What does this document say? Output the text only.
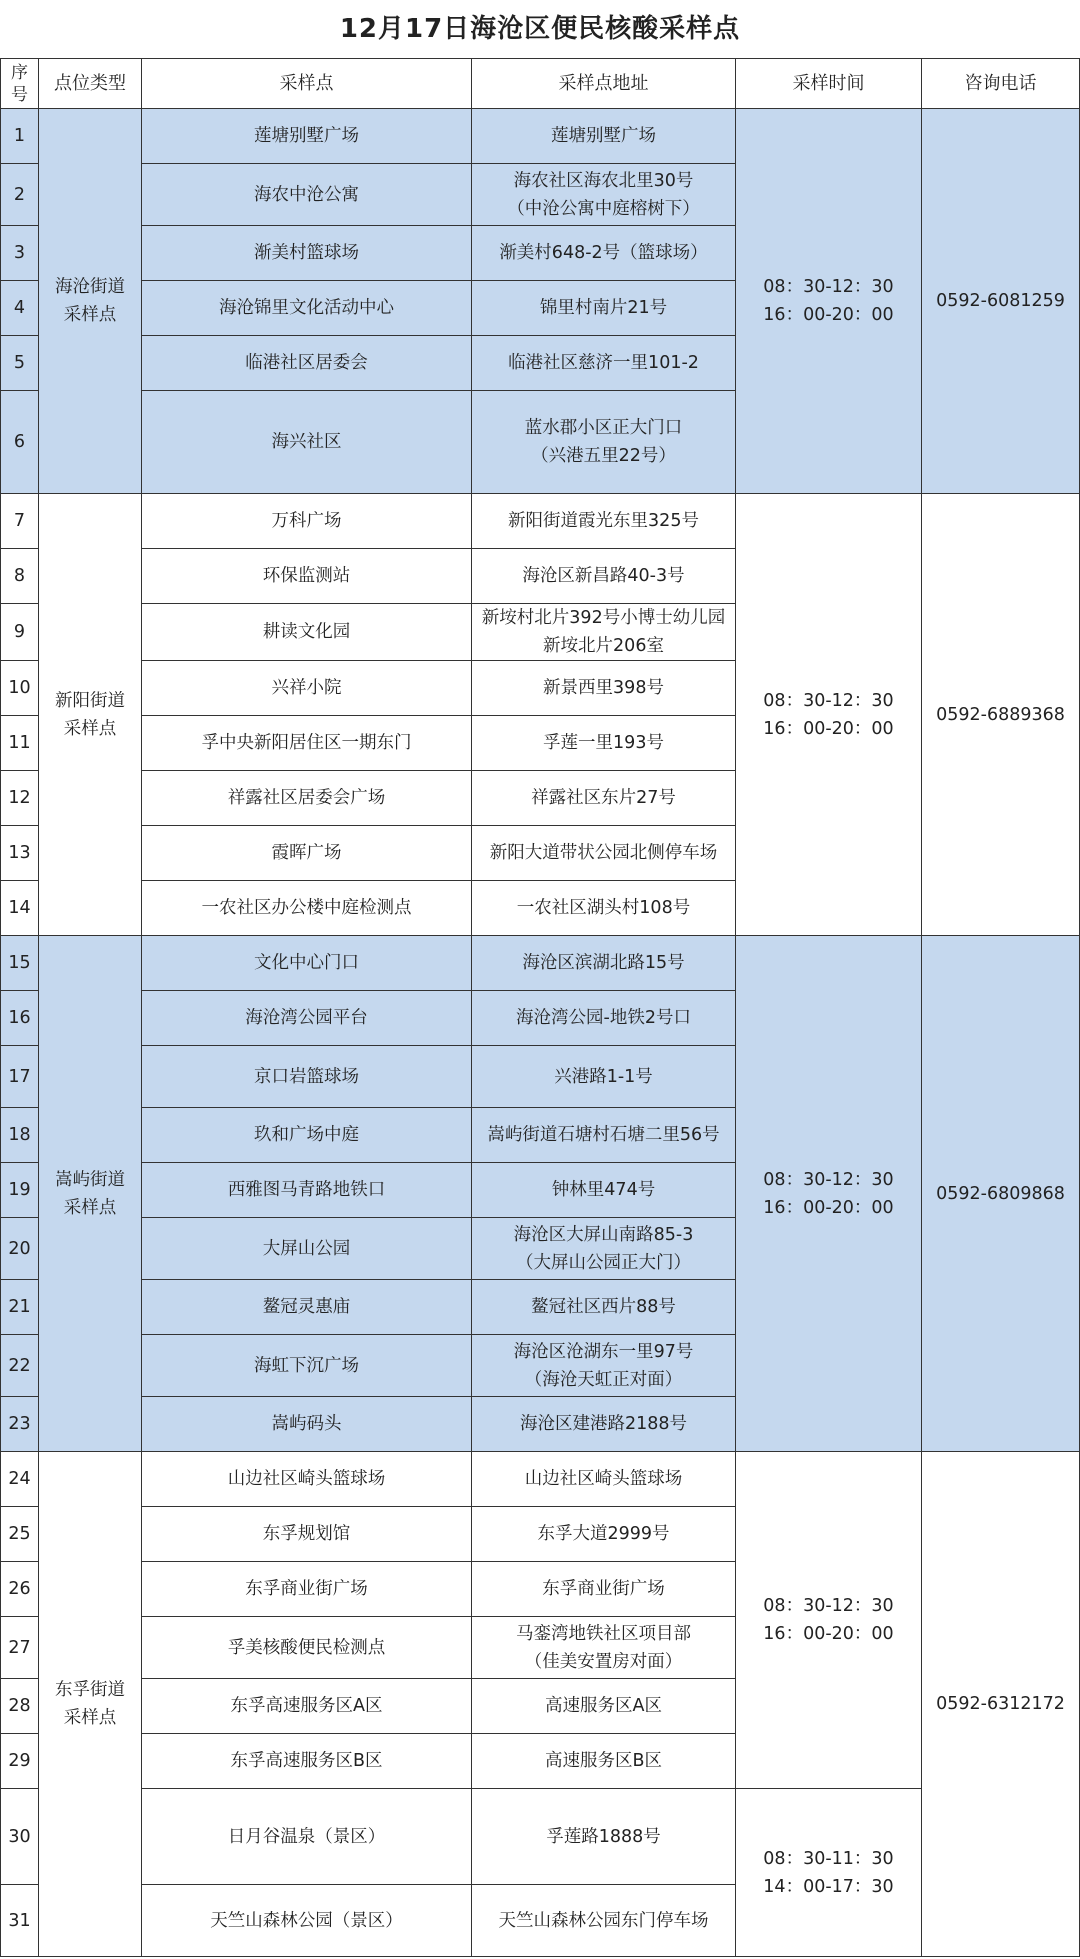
12月17日海沧区便民核酸采样点
序号	点位类型	采样点	采样点地址	采样时间	咨询电话
1	海沧街道采样点	莲塘别墅广场	莲塘别墅广场	08：30-12：30
16：00-20：00	0592-6081259
2		海农中沧公寓	海农社区海农北里30号
（中沧公寓中庭榕树下）		
3		渐美村篮球场	渐美村648-2号（篮球场）		
4		海沧锦里文化活动中心	锦里村南片21号		
5		临港社区居委会	临港社区慈济一里101-2		
6		海兴社区	蓝水郡小区正大门口
（兴港五里22号）		
7	新阳街道采样点	万科广场	新阳街道霞光东里325号	08：30-12：30
16：00-20：00	0592-6889368
8		环保监测站	海沧区新昌路40-3号		
9		耕读文化园	新垵村北片392号小博士幼儿园
新垵北片206室		
10		兴祥小院	新景西里398号		
11		孚中央新阳居住区一期东门	孚莲一里193号		
12		祥露社区居委会广场	祥露社区东片27号		
13		霞晖广场	新阳大道带状公园北侧停车场		
14		一农社区办公楼中庭检测点	一农社区湖头村108号		
15	嵩屿街道采样点	文化中心门口	海沧区滨湖北路15号	08：30-12：30
16：00-20：00	0592-6809868
16		海沧湾公园平台	海沧湾公园-地铁2号口		
17		京口岩篮球场	兴港路1-1号		
18		玖和广场中庭	嵩屿街道石塘村石塘二里56号		
19		西雅图马青路地铁口	钟林里474号		
20		大屏山公园	海沧区大屏山南路85-3
（大屏山公园正大门）		
21		鳌冠灵惠庙	鳌冠社区西片88号		
22		海虹下沉广场	海沧区沧湖东一里97号
（海沧天虹正对面）		
23		嵩屿码头	海沧区建港路2188号		
24	东孚街道采样点	山边社区崎头篮球场	山边社区崎头篮球场	08：30-12：30
16：00-20：00	0592-6312172
25		东孚规划馆	东孚大道2999号		
26		东孚商业街广场	东孚商业街广场		
27		孚美核酸便民检测点	马銮湾地铁社区项目部
（佳美安置房对面）		
28		东孚高速服务区A区	高速服务区A区		
29		东孚高速服务区B区	高速服务区B区		
30		日月谷温泉（景区）	孚莲路1888号	08：30-11：30
14：00-17：30	
31		天竺山森林公园（景区）	天竺山森林公园东门停车场		
